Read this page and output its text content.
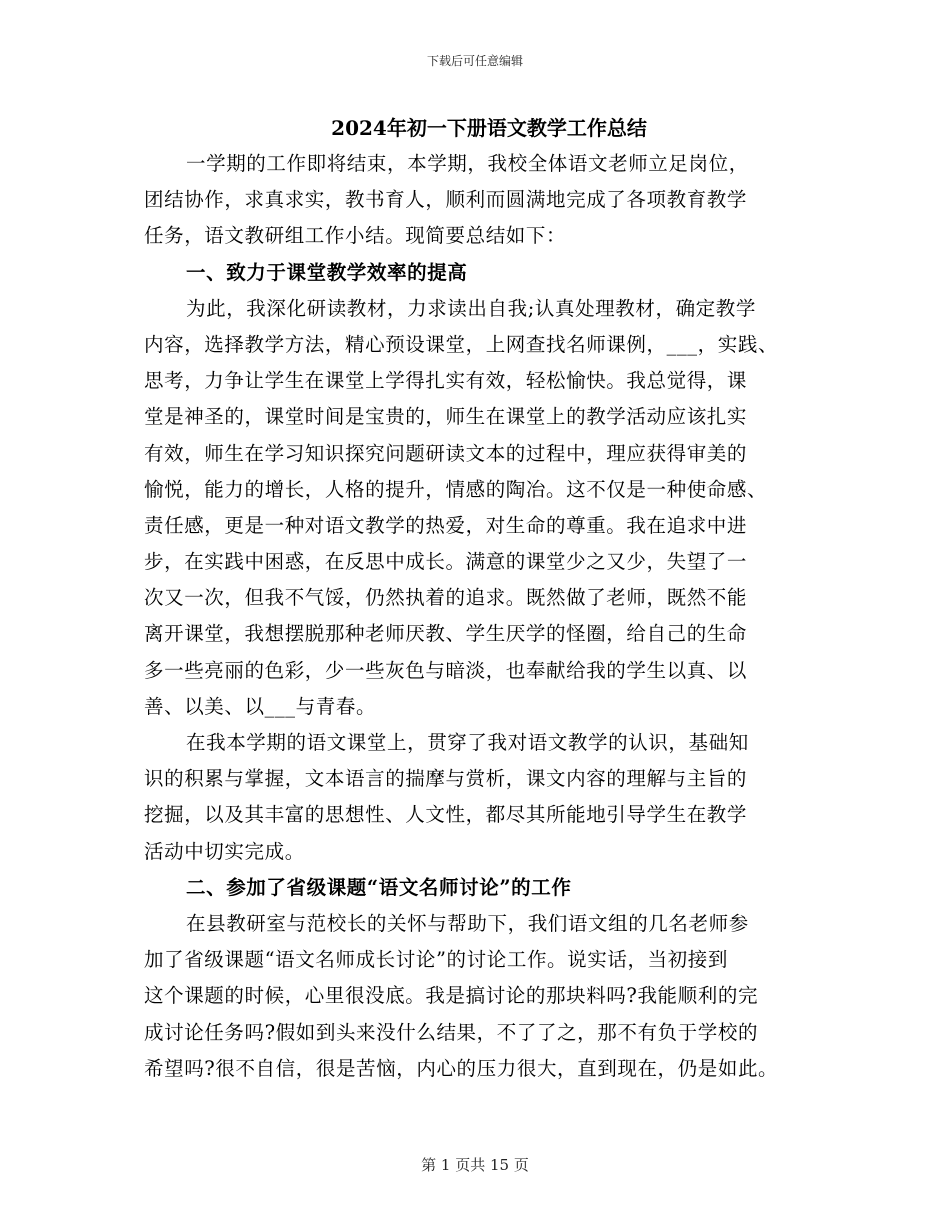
下载后可任意编辑
2024年初一下册语文教学工作总结

一学期的工作即将结束，本学期，我校全体语文老师立足岗位，

团结协作，求真求实，教书育人，顺利而圆满地完成了各项教育教学

任务，语文教研组工作小结。现简要总结如下：

一、致力于课堂教学效率的提高

为此，我深化研读教材，力求读出自我;认真处理教材，确定教学

内容，选择教学方法，精心预设课堂，上网查找名师课例，___，实践、

思考，力争让学生在课堂上学得扎实有效，轻松愉快。我总觉得，课

堂是神圣的，课堂时间是宝贵的，师生在课堂上的教学活动应该扎实

有效，师生在学习知识探究问题研读文本的过程中，理应获得审美的

愉悦，能力的增长，人格的提升，情感的陶冶。这不仅是一种使命感、

责任感，更是一种对语文教学的热爱，对生命的尊重。我在追求中进

步，在实践中困惑，在反思中成长。满意的课堂少之又少，失望了一

次又一次，但我不气馁，仍然执着的追求。既然做了老师，既然不能

离开课堂，我想摆脱那种老师厌教、学生厌学的怪圈，给自己的生命

多一些亮丽的色彩，少一些灰色与暗淡，也奉献给我的学生以真、以

善、以美、以___与青春。

在我本学期的语文课堂上，贯穿了我对语文教学的认识，基础知

识的积累与掌握，文本语言的揣摩与赏析，课文内容的理解与主旨的

挖掘，以及其丰富的思想性、人文性，都尽其所能地引导学生在教学

活动中切实完成。

二、参加了省级课题“语文名师讨论”的工作

在县教研室与范校长的关怀与帮助下，我们语文组的几名老师参

加了省级课题“语文名师成长讨论”的讨论工作。说实话，当初接到

这个课题的时候，心里很没底。我是搞讨论的那块料吗?我能顺利的完

成讨论任务吗?假如到头来没什么结果，不了了之，那不有负于学校的

希望吗?很不自信，很是苦恼，内心的压力很大，直到现在，仍是如此。

第 1 页共 15 页
